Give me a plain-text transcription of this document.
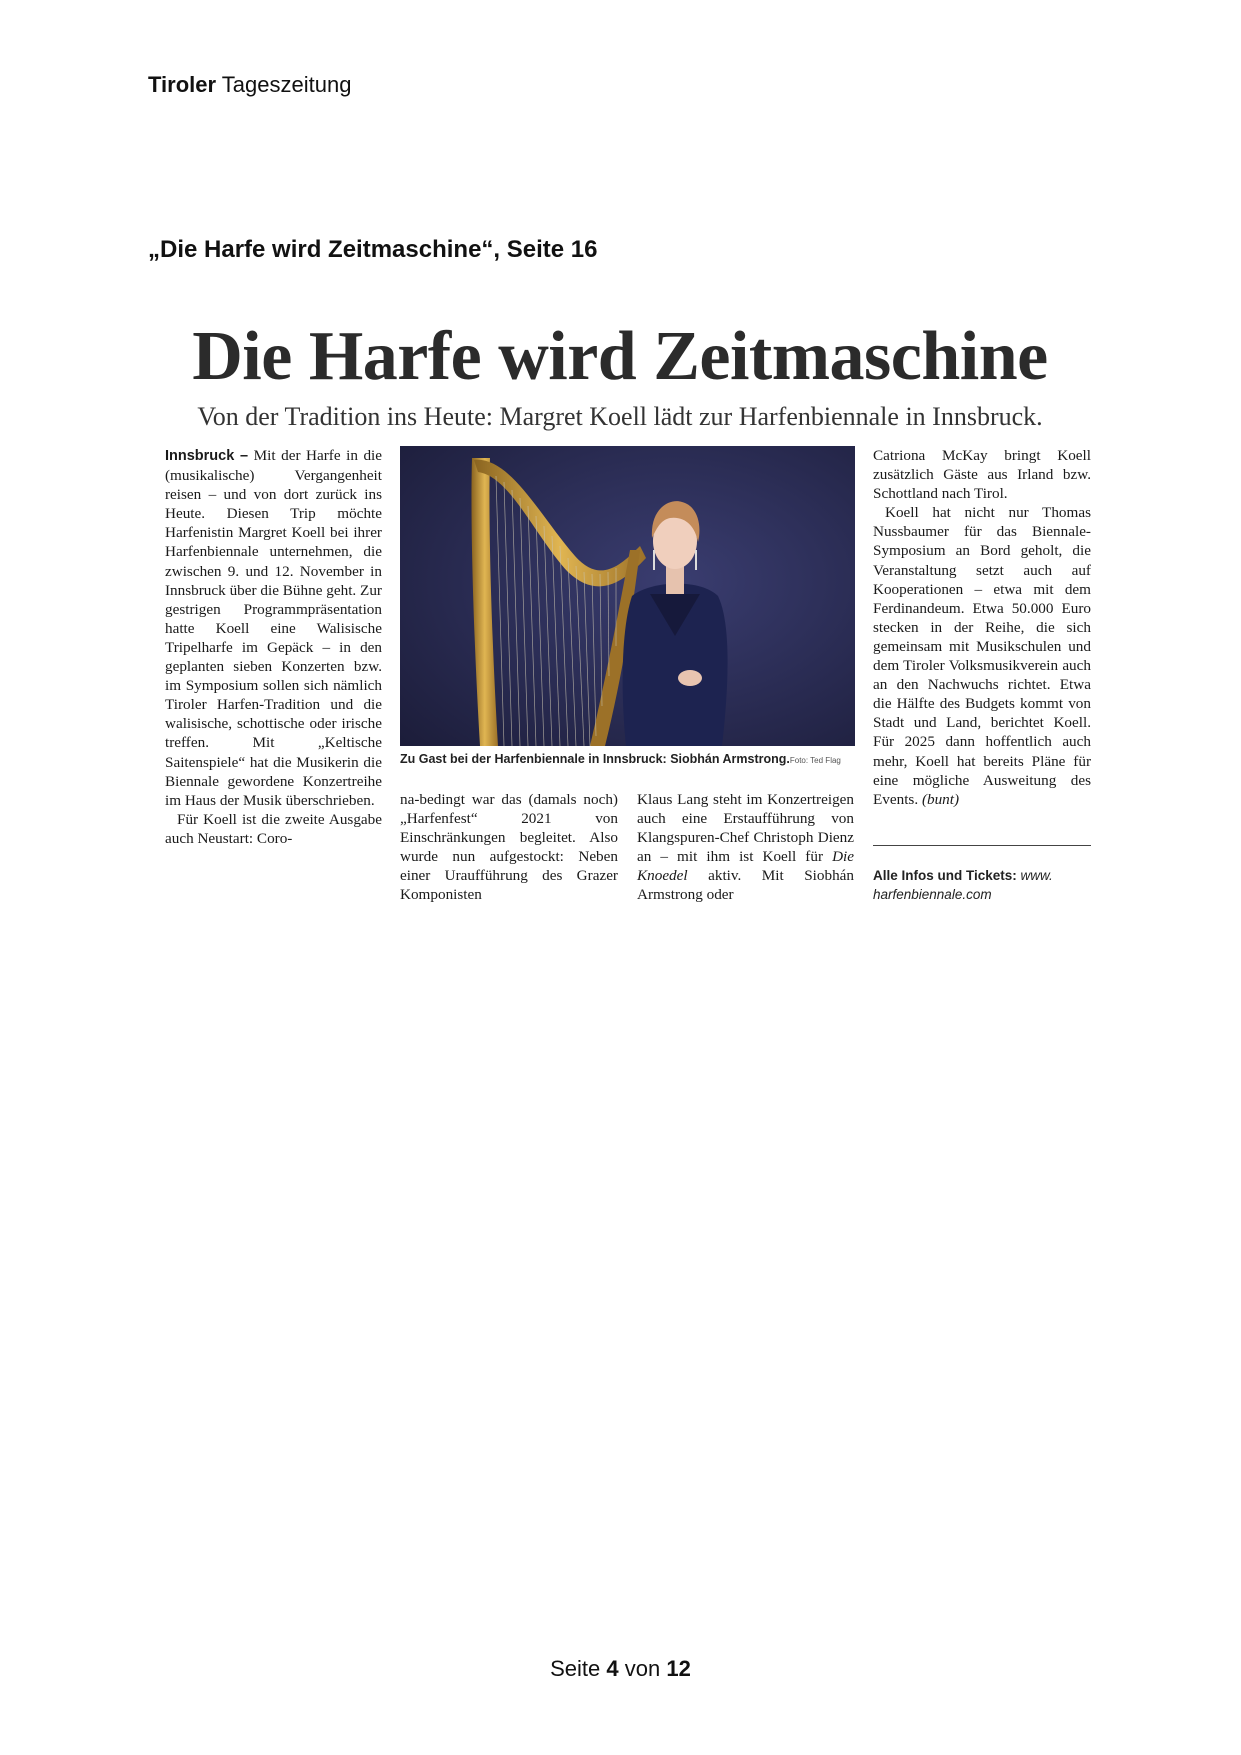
Tiroler Tageszeitung
„Die Harfe wird Zeitmaschine“, Seite 16
Die Harfe wird Zeitmaschine
Von der Tradition ins Heute: Margret Koell lädt zur Harfenbiennale in Innsbruck.

Innsbruck – Mit der Harfe in die (musikalische) Vergangenheit reisen – und von dort zurück ins Heute. Diesen Trip möchte Harfenistin Margret Koell bei ihrer Harfenbiennale unternehmen, die zwischen 9. und 12. November in Innsbruck über die Bühne geht. Zur gestrigen Programmpräsentation hatte Koell eine Walisische Tripelharfe im Gepäck – in den geplanten sieben Konzerten bzw. im Symposium sollen sich nämlich Tiroler Harfen-Tradition und die walisische, schottische oder irische treffen. Mit „Keltische Saitenspiele“ hat die Musikerin die Biennale gewordene Konzertreihe im Haus der Musik überschrieben.

Für Koell ist die zweite Ausgabe auch Neustart: Coro-

Zu Gast bei der Harfenbiennale in Innsbruck: Siobhán Armstrong.Foto: Ted Flag

na-bedingt war das (damals noch) „Harfenfest“ 2021 von Einschränkungen begleitet. Also wurde nun aufgestockt: Neben einer Uraufführung des Grazer Komponisten

Klaus Lang steht im Konzertreigen auch eine Erstaufführung von Klangspuren-Chef Christoph Dienz an – mit ihm ist Koell für Die Knoedel aktiv. Mit Siobhán Armstrong oder

Catriona McKay bringt Koell zusätzlich Gäste aus Irland bzw. Schottland nach Tirol.

Koell hat nicht nur Thomas Nussbaumer für das Biennale-Symposium an Bord geholt, die Veranstaltung setzt auch auf Kooperationen – etwa mit dem Ferdinandeum. Etwa 50.000 Euro stecken in der Reihe, die sich gemeinsam mit Musikschulen und dem Tiroler Volksmusikverein auch an den Nachwuchs richtet. Etwa die Hälfte des Budgets kommt von Stadt und Land, berichtet Koell. Für 2025 dann hoffentlich auch mehr, Koell hat bereits Pläne für eine mögliche Ausweitung des Events. (bunt)

Alle Infos und Tickets: www.
harfenbiennale.com
Seite 4 von 12
